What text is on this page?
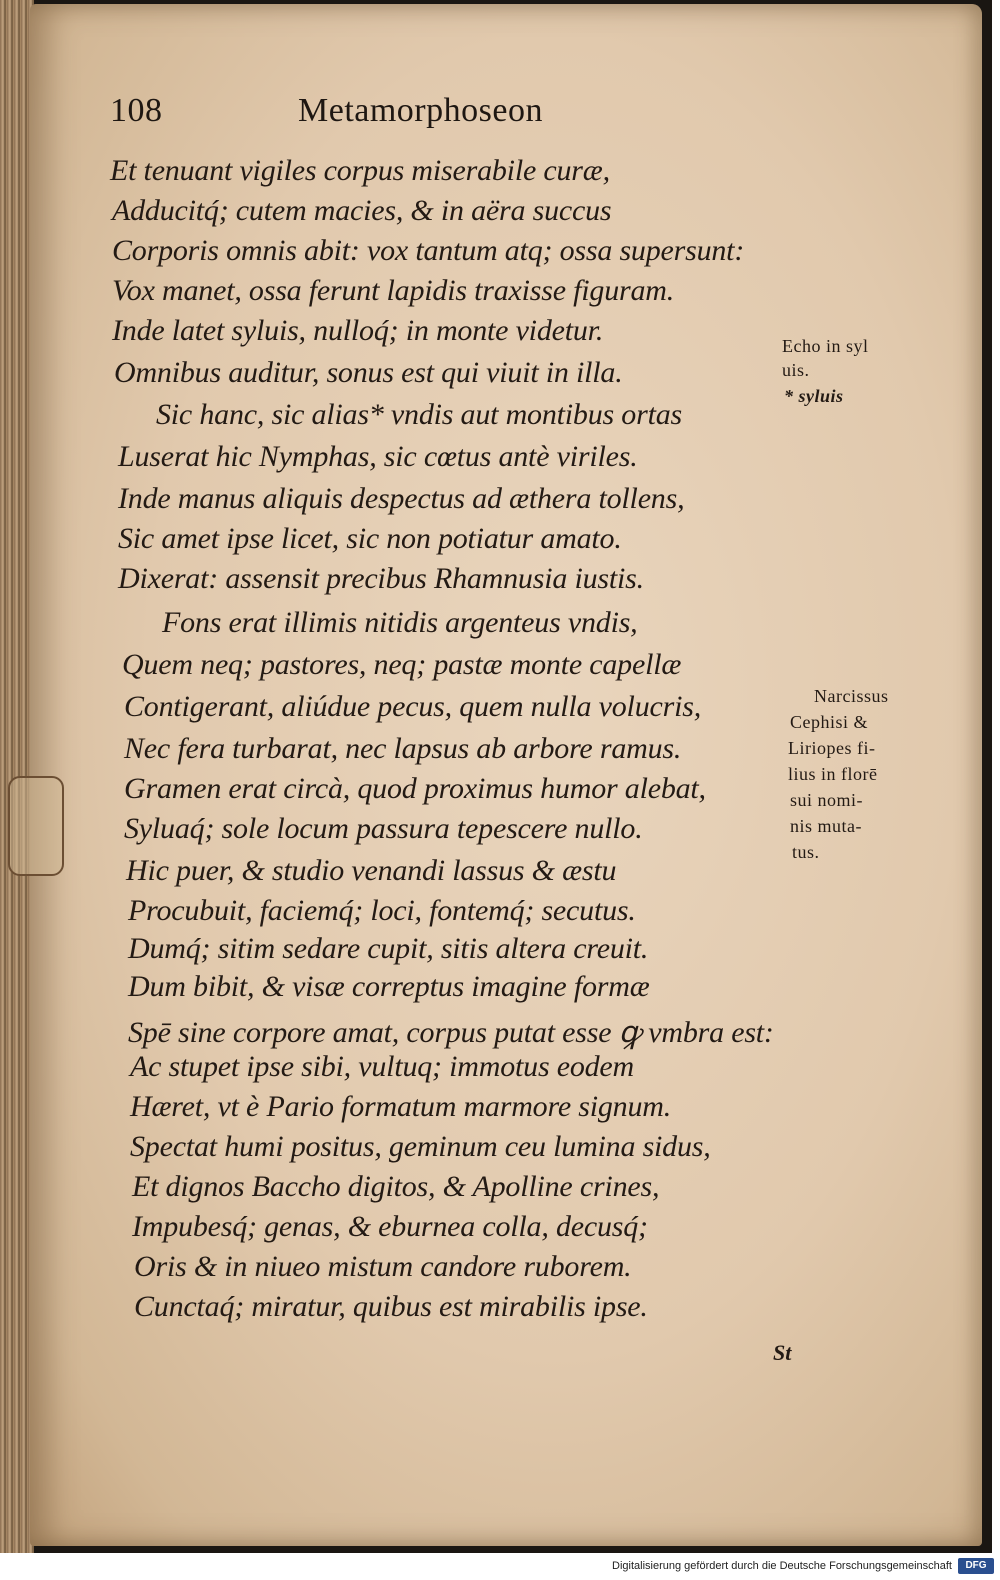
108	Metamorphoseon
Et tenuant vigiles corpus miserabile curæ,
Adducitq́; cutem macies, & in aëra succus
Corporis omnis abit: vox tantum atq; ossa supersunt:
Vox manet, ossa ferunt lapidis traxisse figuram.
Inde latet syluis, nulloq́; in monte videtur.
Omnibus auditur, sonus est qui viuit in illa.
Sic hanc, sic alias* vndis aut montibus ortas
Luserat hic Nymphas, sic cœtus antè viriles.
Inde manus aliquis despectus ad æthera tollens,
Sic amet ipse licet, sic non potiatur amato.
Dixerat: assensit precibus Rhamnusia iustis.
Fons erat illimis nitidis argenteus vndis,
Quem neq; pastores, neq; pastæ monte capellæ
Contigerant, aliúdue pecus, quem nulla volucris,
Nec fera turbarat, nec lapsus ab arbore ramus.
Gramen erat circà, quod proximus humor alebat,
Syluaq́; sole locum passura tepescere nullo.
Hic puer, & studio venandi lassus & æstu
Procubuit, faciemq́; loci, fontemq́; secutus.
Dumq́; sitim sedare cupit, sitis altera creuit.
Dum bibit, & visæ correptus imagine formæ
Spē sine corpore amat, corpus putat esse ꝙ vmbra est:
Ac stupet ipse sibi, vultuq; immotus eodem
Hæret, vt è Pario formatum marmore signum.
Spectat humi positus, geminum ceu lumina sidus,
Et dignos Baccho digitos, & Apolline crines,
Impubesq́; genas, & eburnea colla, decusq́;
Oris & in niueo mistum candore ruborem.
Cunctaq́; miratur, quibus est mirabilis ipse.
Echo in syl
uis.
* syluis
Narcissus
Cephisi &
Liriopes fi-
lius in florē
sui nomi-
nis muta-
tus.
St
Digitalisierung gefördert durch die Deutsche Forschungsgemeinschaft	DFG
